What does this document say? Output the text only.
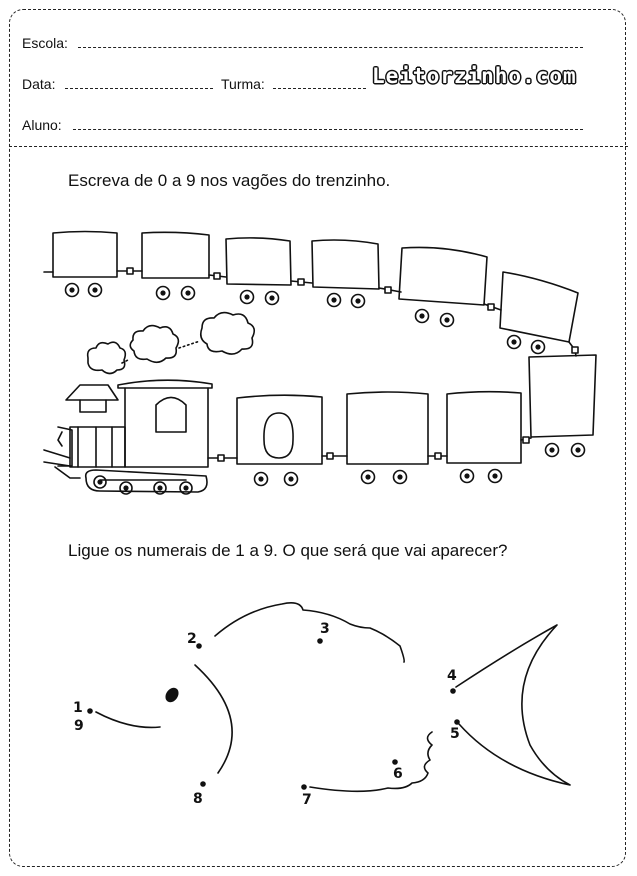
Escola:
Data:	Turma:	Leitorzinho.com
Aluno:
Escreva de 0 a 9 nos vagões do trenzinho.
1
9
2
3
4
5
6
7
8
Ligue os numerais de 1 a 9. O que será que vai aparecer?
